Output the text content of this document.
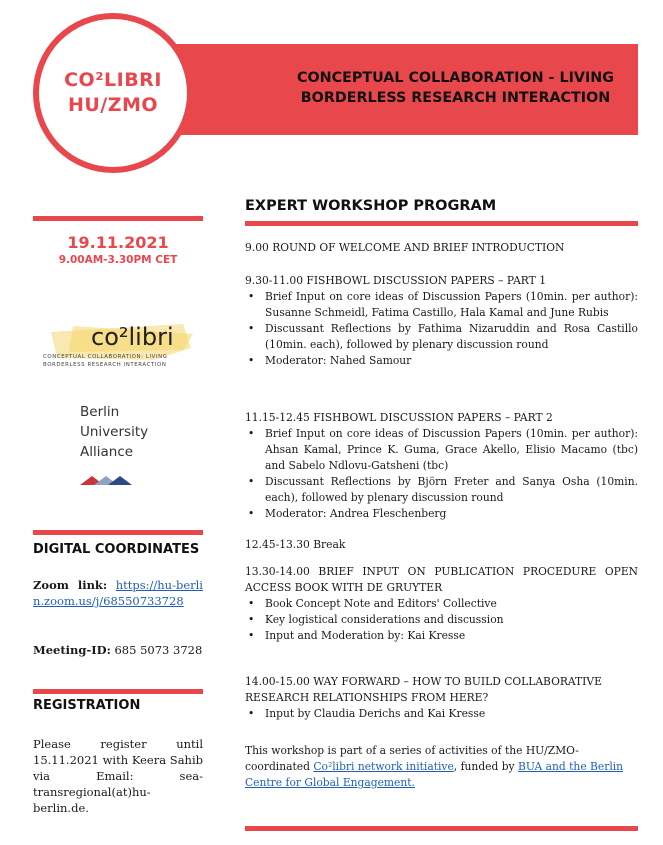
CONCEPTUAL COLLABORATION - LIVING
BORDERLESS RESEARCH INTERACTION
CO²LIBRI
HU/ZMO
19.11.2021
9.00AM-3.30PM CET
co²libri
CONCEPTUAL COLLABORATION: LIVING
BORDERLESS RESEARCH INTERACTION
Berlin
University
Alliance
DIGITAL COORDINATES
Zoom link: https://hu-berlin.zoom.us/j/68550733728
Meeting-ID: 685 5073 3728
REGISTRATION
Please register until 15.11.2021 with Keera Sahib via Email: sea-transregional(at)hu-berlin.de.
EXPERT WORKSHOP PROGRAM

9.00 ROUND OF WELCOME AND BRIEF INTRODUCTION

9.30-11.00 FISHBOWL DISCUSSION PAPERS – PART 1

• Brief Input on core ideas of Discussion Papers (10min. per author): Susanne Schmeidl, Fatima Castillo, Hala Kamal and June Rubis
• Discussant Reflections by Fathima Nizaruddin and Rosa Castillo (10min. each), followed by plenary discussion round
• Moderator: Nahed Samour

11.15-12.45 FISHBOWL DISCUSSION PAPERS – PART 2

• Brief Input on core ideas of Discussion Papers (10min. per author): Ahsan Kamal, Prince K. Guma, Grace Akello, Elisio Macamo (tbc) and Sabelo Ndlovu-Gatsheni (tbc)
• Discussant Reflections by Björn Freter and Sanya Osha (10min. each), followed by plenary discussion round
• Moderator: Andrea Fleschenberg

12.45-13.30 Break

13.30-14.00 BRIEF INPUT ON PUBLICATION PROCEDURE OPEN ACCESS BOOK WITH DE GRUYTER

• Book Concept Note and Editors' Collective
• Key logistical considerations and discussion
• Input and Moderation by: Kai Kresse

14.00-15.00 WAY FORWARD – HOW TO BUILD COLLABORATIVE RESEARCH RELATIONSHIPS FROM HERE?

• Input by Claudia Derichs and Kai Kresse

This workshop is part of a series of activities of the HU/ZMO-coordinated Co²libri network initiative, funded by BUA and the Berlin Centre for Global Engagement.
